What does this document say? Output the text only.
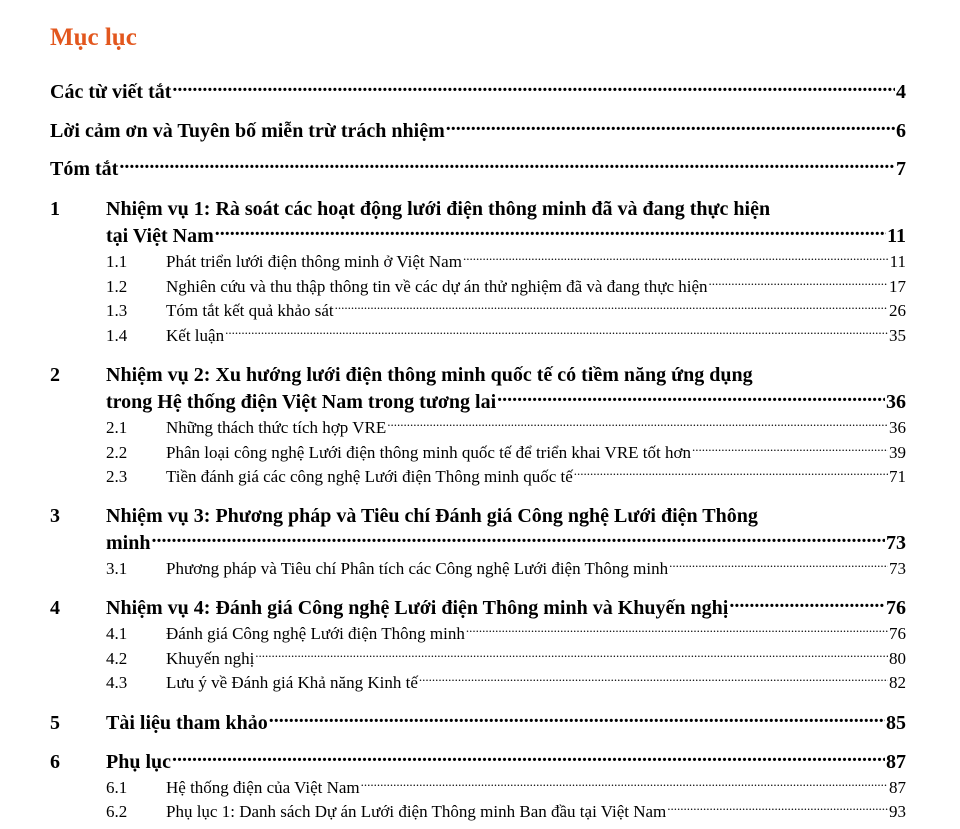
Mục lục
Các từ viết tắt .....	4
Lời cảm ơn và Tuyên bố miễn trừ trách nhiệm .....	6
Tóm tắt .....	7
1 Nhiệm vụ 1: Rà soát các hoạt động lưới điện thông minh đã và đang thực hiện
tại Việt Nam .....	11
1.1	Phát triển lưới điện thông minh ở Việt Nam .....	11
1.2	Nghiên cứu và thu thập thông tin về các dự án thử nghiệm đã và đang thực hiện .....	17
1.3	Tóm tắt kết quả khảo sát .....	26
1.4	Kết luận .....	35
2 Nhiệm vụ 2: Xu hướng lưới điện thông minh quốc tế có tiềm năng ứng dụng
trong Hệ thống điện Việt Nam trong tương lai .....	36
2.1	Những thách thức tích hợp VRE .....	36
2.2	Phân loại công nghệ Lưới điện thông minh quốc tế để triển khai VRE tốt hơn .....	39
2.3	Tiền đánh giá các công nghệ Lưới điện Thông minh quốc tế .....	71
3 Nhiệm vụ 3: Phương pháp và Tiêu chí Đánh giá Công nghệ Lưới điện Thông
minh .....	73
3.1	Phương pháp và Tiêu chí Phân tích các Công nghệ Lưới điện Thông minh .....	73
4	Nhiệm vụ 4: Đánh giá Công nghệ Lưới điện Thông minh và Khuyến nghị .....	76
4.1	Đánh giá Công nghệ Lưới điện Thông minh .....	76
4.2	Khuyến nghị .....	80
4.3	Lưu ý về Đánh giá Khả năng Kinh tế .....	82
5	Tài liệu tham khảo .....	85
6	Phụ lục .....	87
6.1	Hệ thống điện của Việt Nam .....	87
6.2	Phụ lục 1: Danh sách Dự án Lưới điện Thông minh Ban đầu tại Việt Nam .....	93
